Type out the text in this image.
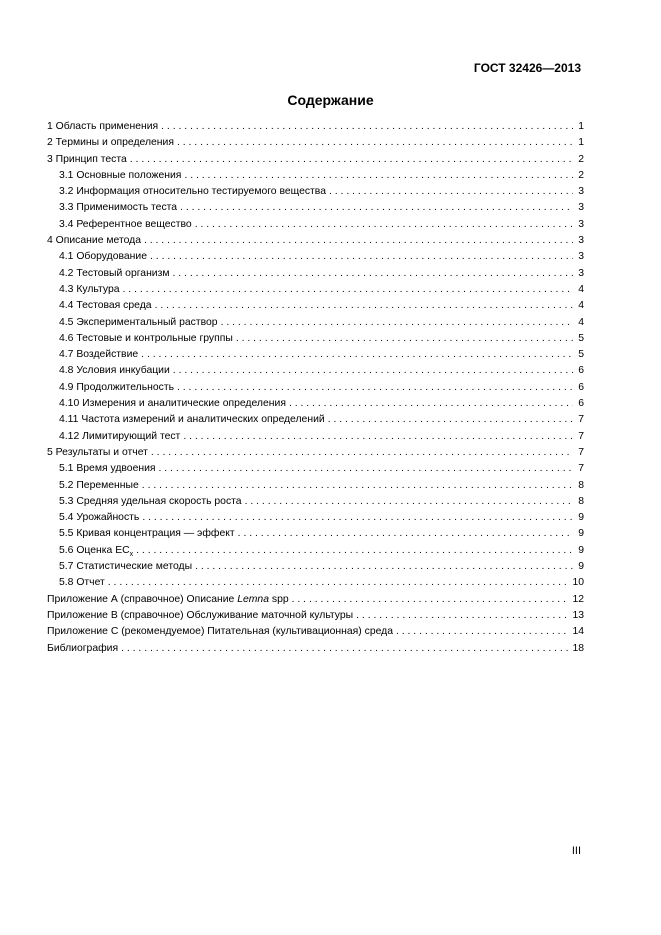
ГОСТ 32426—2013
Содержание
1 Область применения . . .	1
2 Термины и определения . . .	1
3 Принцип теста . . .	2
3.1 Основные положения . . .	2
3.2 Информация относительно тестируемого вещества . . .	3
3.3 Применимость теста . . .	3
3.4 Референтное вещество . . .	3
4 Описание метода . . .	3
4.1 Оборудование . . .	3
4.2 Тестовый организм . . .	3
4.3 Культура . . .	4
4.4 Тестовая среда . . .	4
4.5 Экспериментальный раствор . . .	4
4.6 Тестовые и контрольные группы . . .	5
4.7 Воздействие . . .	5
4.8 Условия инкубации . . .	6
4.9 Продолжительность . . .	6
4.10 Измерения и аналитические определения . . .	6
4.11 Частота измерений и аналитических определений . . .	7
4.12 Лимитирующий тест . . .	7
5 Результаты и отчет . . .	7
5.1 Время удвоения . . .	7
5.2 Переменные . . .	8
5.3 Средняя удельная скорость роста . . .	8
5.4 Урожайность . . .	9
5.5 Кривая концентрация — эффект . . .	9
5.6 Оценка $EC_x$ . . .	9
5.7 Статистические методы . . .	9
5.8 Отчет . . .	10
Приложение А (справочное) Описание Lemna spp . . .	12
Приложение В (справочное) Обслуживание маточной культуры . . .	13
Приложение С (рекомендуемое) Питательная (культивационная) среда . . .	14
Библиография . . .	18
III
